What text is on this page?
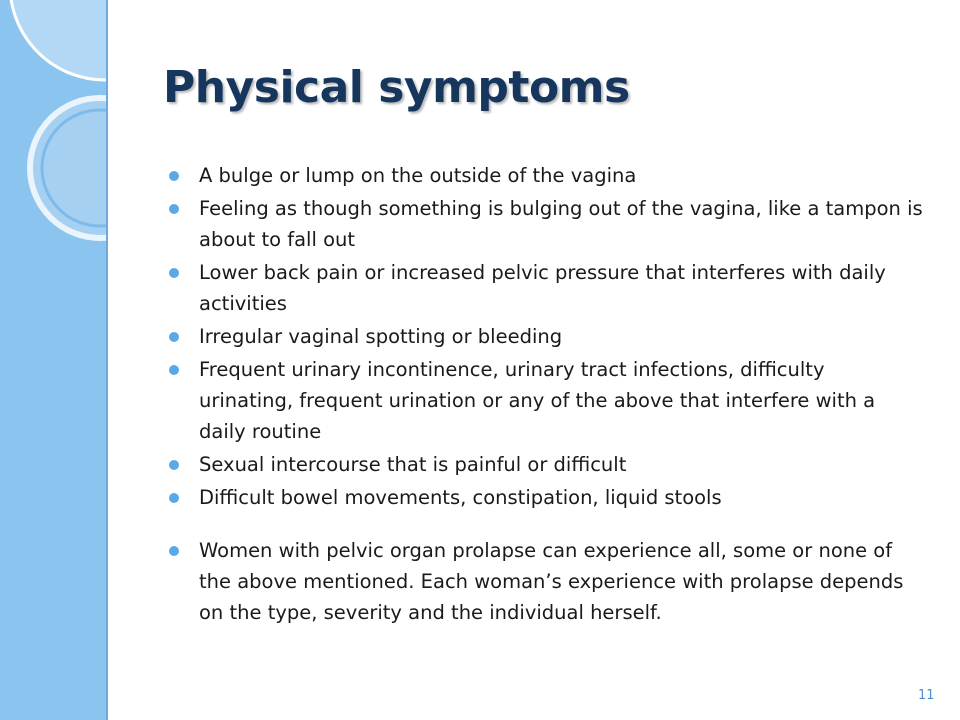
Physical symptoms
A bulge or lump on the outside of the vagina
Feeling as though something is bulging out of the vagina, like a tampon is about to fall out
Lower back pain or increased pelvic pressure that interferes with daily activities
Irregular vaginal spotting or bleeding
Frequent urinary incontinence, urinary tract infections, difficulty urinating, frequent urination or any of the above that interfere with a daily routine
Sexual intercourse that is painful or difficult
Difficult bowel movements, constipation, liquid stools
Women with pelvic organ prolapse can experience all, some or none of the above mentioned. Each woman’s experience with prolapse depends on the type, severity and the individual herself.
11
